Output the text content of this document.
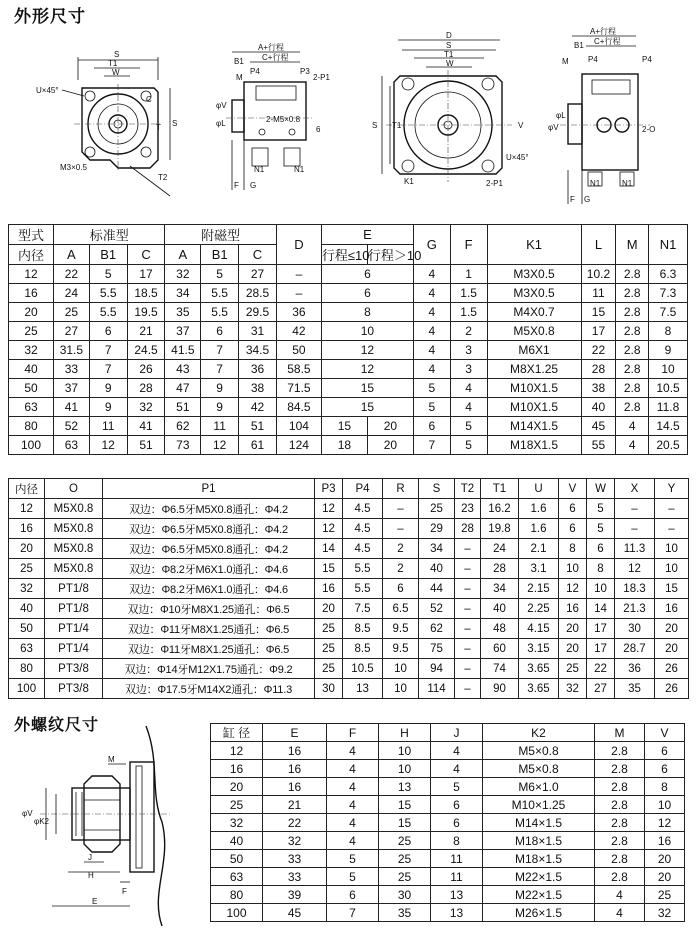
外形尺寸
外螺纹尺寸
S
T1
W
U×45°
C
T S
M3×0.5
T2
A+行程
C+行程
B1
P4	P3
M	2-P1
2-M5×0.8
φL
φV
6
N1	N1
F G
D
S
T1
W
S T1	V
U×45°
K1	2-P1
A+行程
C+行程
B1
M P4	P4
φV
φL
2-O
N1	N1
F G
型式	标准型			附磁型			D	E		G	F	K1	L	M	N1
内径	A	B1	C	A	B1	C		行程≤10	行程＞10						
12	22	5	17	32	5	27	–	6		4	1	M3X0.5	10.2	2.8	6.3
16	24	5.5	18.5	34	5.5	28.5	–	6		4	1.5	M3X0.5	11	2.8	7.3
20	25	5.5	19.5	35	5.5	29.5	36	8		4	1.5	M4X0.7	15	2.8	7.5
25	27	6	21	37	6	31	42	10		4	2	M5X0.8	17	2.8	8
32	31.5	7	24.5	41.5	7	34.5	50	12		4	3	M6X1	22	2.8	9
40	33	7	26	43	7	36	58.5	12		4	3	M8X1.25	28	2.8	10
50	37	9	28	47	9	38	71.5	15		5	4	M10X1.5	38	2.8	10.5
63	41	9	32	51	9	42	84.5	15		5	4	M10X1.5	40	2.8	11.8
80	52	11	41	62	11	51	104	15	20	6	5	M14X1.5	45	4	14.5
100	63	12	51	73	12	61	124	18	20	7	5	M18X1.5	55	4	20.5
内径	O	P1	P3	P4	R	S	T2	T1	U	V	W	X	Y
12	M5X0.8	双边：Φ6.5牙M5X0.8通孔：Φ4.2	12	4.5	–	25	23	16.2	1.6	6	5	–	–
16	M5X0.8	双边：Φ6.5牙M5X0.8通孔：Φ4.2	12	4.5	–	29	28	19.8	1.6	6	5	–	–
20	M5X0.8	双边：Φ6.5牙M5X0.8通孔：Φ4.2	14	4.5	2	34	–	24	2.1	8	6	11.3	10
25	M5X0.8	双边：Φ8.2牙M6X1.0通孔：Φ4.6	15	5.5	2	40	–	28	3.1	10	8	12	10
32	PT1/8	双边：Φ8.2牙M6X1.0通孔：Φ4.6	16	5.5	6	44	–	34	2.15	12	10	18.3	15
40	PT1/8	双边：Φ10牙M8X1.25通孔：Φ6.5	20	7.5	6.5	52	–	40	2.25	16	14	21.3	16
50	PT1/4	双边：Φ11牙M8X1.25通孔：Φ6.5	25	8.5	9.5	62	–	48	4.15	20	17	30	20
63	PT1/4	双边：Φ11牙M8X1.25通孔：Φ6.5	25	8.5	9.5	75	–	60	3.15	20	17	28.7	20
80	PT3/8	双边：Φ14牙M12X1.75通孔：Φ9.2	25	10.5	10	94	–	74	3.65	25	22	36	26
100	PT3/8	双边：Φ17.5牙M14X2通孔：Φ11.3	30	13	10	114	–	90	3.65	32	27	35	26
φV
φK2
M
J
H
F
E
缸 径	E	F	H	J	K2	M	V
12	16	4	10	4	M5×0.8	2.8	6
16	16	4	10	4	M5×0.8	2.8	6
20	16	4	13	5	M6×1.0	2.8	8
25	21	4	15	6	M10×1.25	2.8	10
32	22	4	15	6	M14×1.5	2.8	12
40	32	4	25	8	M18×1.5	2.8	16
50	33	5	25	11	M18×1.5	2.8	20
63	33	5	25	11	M22×1.5	2.8	20
80	39	6	30	13	M22×1.5	4	25
100	45	7	35	13	M26×1.5	4	32
